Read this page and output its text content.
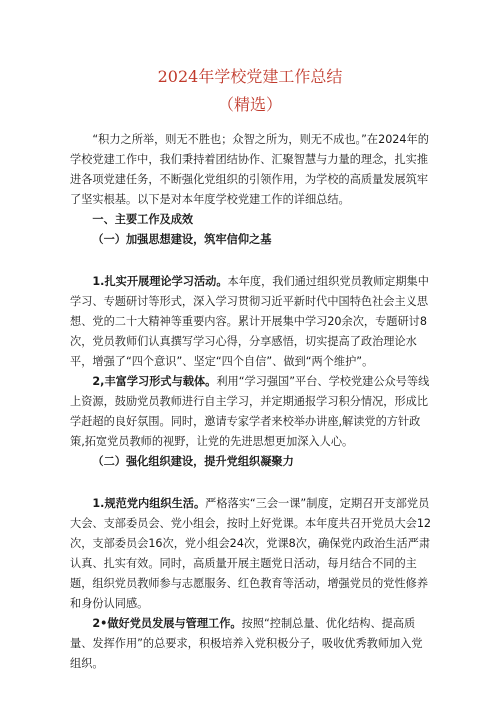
2024年学校党建工作总结
（精选）

“积力之所举，则无不胜也；众智之所为，则无不成也。”在2024年的学校党建工作中，我们秉持着团结协作、汇聚智慧与力量的理念，扎实推进各项党建任务，不断强化党组织的引领作用，为学校的高质量发展筑牢了坚实根基。以下是对本年度学校党建工作的详细总结。

一、主要工作及成效

（一）加强思想建设，筑牢信仰之基

1.扎实开展理论学习活动。本年度，我们通过组织党员教师定期集中学习、专题研讨等形式，深入学习贯彻习近平新时代中国特色社会主义思想、党的二十大精神等重要内容。累计开展集中学习20余次，专题研讨8次，党员教师们认真撰写学习心得，分享感悟，切实提高了政治理论水平，增强了“四个意识”、坚定“四个自信”、做到“两个维护”。

2,丰富学习形式与载体。利用“学习强国”平台、学校党建公众号等线上资源，鼓励党员教师进行自主学习，并定期通报学习积分情况，形成比学赶超的良好氛围。同时，邀请专家学者来校举办讲座,解读党的方针政策,拓宽党员教师的视野，让党的先进思想更加深入人心。

（二）强化组织建设，提升党组织凝聚力

1.规范党内组织生活。严格落实“三会一课”制度，定期召开支部党员大会、支部委员会、党小组会，按时上好党课。本年度共召开党员大会12次，支部委员会16次，党小组会24次，党课8次，确保党内政治生活严肃认真、扎实有效。同时，高质量开展主题党日活动，每月结合不同的主题，组织党员教师参与志愿服务、红色教育等活动，增强党员的党性修养和身份认同感。

2•做好党员发展与管理工作。按照“控制总量、优化结构、提高质量、发挥作用”的总要求，积极培养入党积极分子，吸收优秀教师加入党组织。
